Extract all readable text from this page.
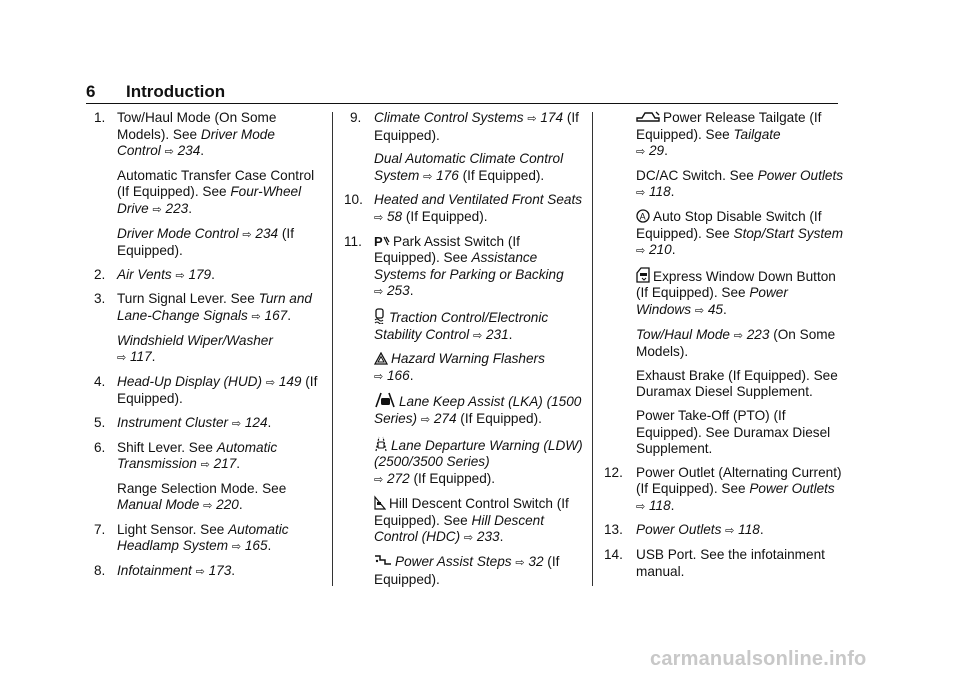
6 Introduction
1. Tow/Haul Mode (On Some Models). See Driver Mode Control ⇨ 234.

Automatic Transfer Case Control (If Equipped). See Four-Wheel Drive ⇨ 223.

Driver Mode Control ⇨ 234 (If Equipped).

2. Air Vents ⇨ 179.

3. Turn Signal Lever. See Turn and Lane-Change Signals ⇨ 167.

Windshield Wiper/Washer
⇨ 117.

4. Head-Up Display (HUD) ⇨ 149 (If Equipped).

5. Instrument Cluster ⇨ 124.

6. Shift Lever. See Automatic Transmission ⇨ 217.

Range Selection Mode. See Manual Mode ⇨ 220.

7. Light Sensor. See Automatic Headlamp System ⇨ 165.

8. Infotainment ⇨ 173.

9. Climate Control Systems ⇨ 174 (If Equipped).

Dual Automatic Climate Control System ⇨ 176 (If Equipped).

10. Heated and Ventilated Front Seats ⇨ 58 (If Equipped).

11. P Park Assist Switch (If Equipped). See Assistance Systems for Parking or Backing
⇨ 253.

Traction Control/Electronic Stability Control ⇨ 231.

Hazard Warning Flashers
⇨ 166.

Lane Keep Assist (LKA) (1500 Series) ⇨ 274 (If Equipped).

Lane Departure Warning (LDW) (2500/3500 Series)
⇨ 272 (If Equipped).

Hill Descent Control Switch (If Equipped). See Hill Descent Control (HDC) ⇨ 233.

Power Assist Steps ⇨ 32 (If Equipped).

Power Release Tailgate (If Equipped). See Tailgate
⇨ 29.

DC/AC Switch. See Power Outlets ⇨ 118.

A Auto Stop Disable Switch (If Equipped). See Stop/Start System ⇨ 210.

Express Window Down Button (If Equipped). See Power Windows ⇨ 45.

Tow/Haul Mode ⇨ 223 (On Some Models).

Exhaust Brake (If Equipped). See Duramax Diesel Supplement.

Power Take-Off (PTO) (If Equipped). See Duramax Diesel Supplement.

12. Power Outlet (Alternating Current) (If Equipped). See Power Outlets ⇨ 118.

13. Power Outlets ⇨ 118.

14. USB Port. See the infotainment manual.

carmanualsonline.info
